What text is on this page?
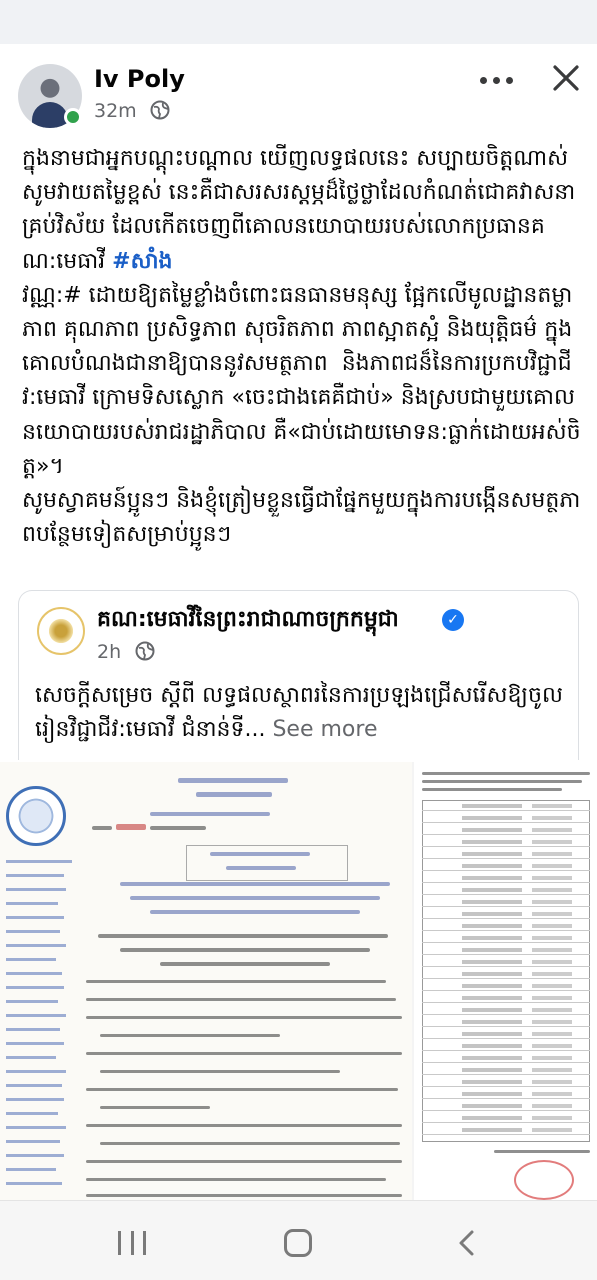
Iv Poly
32m
ក្នុងនាមជាអ្នកបណ្ដុះបណ្ដាល យើញលទ្ធផលនេះ សប្បាយចិត្តណាស់ សូមវាយតម្លៃខ្ពស់ នេះគឺជាសរសរស្ដម្ភដ៏ថ្លៃថ្លាដែលកំណត់ជោគវាសនាគ្រប់វិស័យ ដែលកើតចេញពីគោលនយោបាយរបស់លោកប្រធានគណ:មេធាវី #សាំង
វណ្ណ:# ដោយឱ្យតម្លៃខ្លាំងចំពោះធនធានមនុស្ស ផ្អែកលើមូលដ្ឋានតម្លាភាព គុណភាព ប្រសិទ្ធភាព សុចរិតភាព ភាពស្អាតស្អំ និងយុត្តិធម៌ ក្នុងគោលបំណងជានាឱ្យបាននូវសមត្ថភាព  និងភាពជន៏នៃការប្រកបវិជ្ជាជីវ:មេធាវី ក្រោមទិសស្លោក «ចេះជាងគេគឺជាប់» និងស្របជាមួយគោលនយោបាយរបស់រាជរដ្ឋាភិបាល គឺ«ជាប់ដោយមោទន:ធ្លាក់ដោយអស់ចិត្ត»។
សូមស្វាគមន៍ប្អូនៗ និងខ្ញុំត្រៀមខ្លួនធ្វើជាផ្នែកមួយក្នុងការបង្កើនសមត្ថភាពបន្ថែមទៀតសម្រាប់ប្អូនៗ
គណ:មេធាវីនៃព្រះរាជាណាចក្រកម្ពុជា	✓
2h
សេចក្ដីសម្រេច ស្ដីពី លទ្ធផលស្ថាពរនៃការប្រឡងជ្រើសរើសឱ្យចូលរៀនវិជ្ជាជីវ:មេធាវី ជំនាន់ទី... See more
